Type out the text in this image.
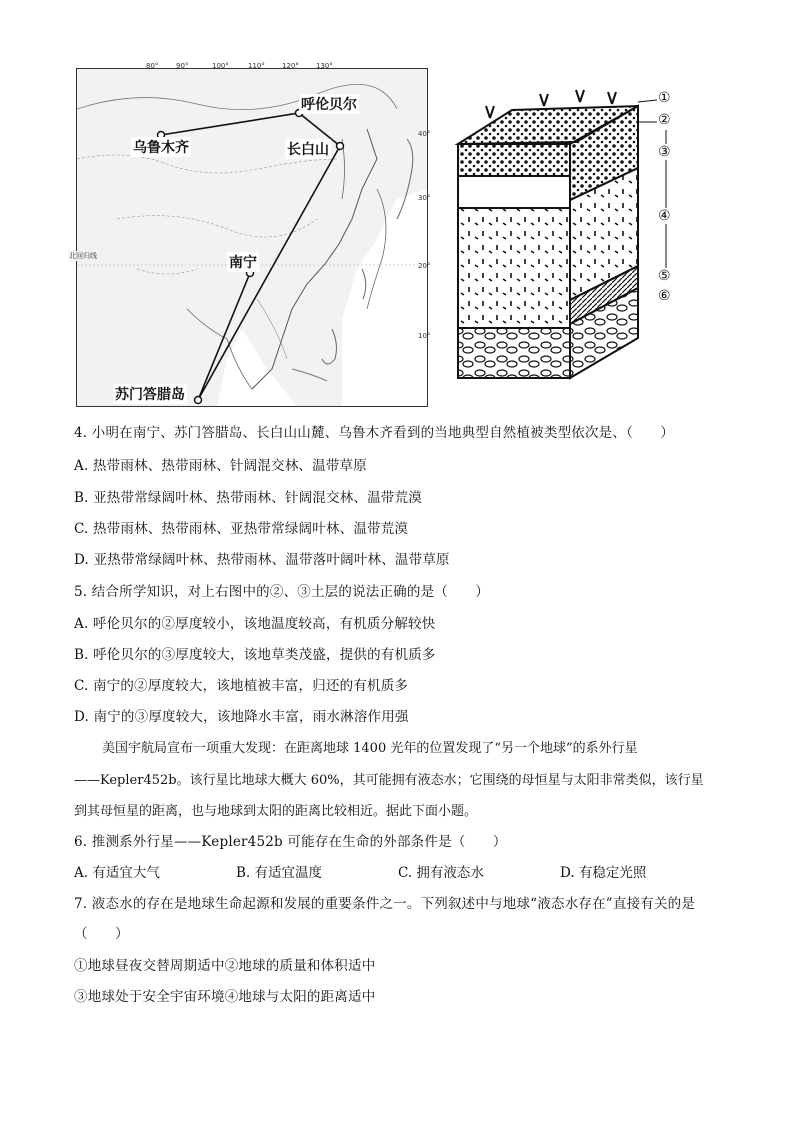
呼伦贝尔
乌鲁木齐	长白山
南宁
苏门答腊岛
北回归线
80°	90°	100°	110° 120° 130°
40°
30°
20°
10°
①
②
③
④
⑤
⑥
4. 小明在南宁、苏门答腊岛、长白山山麓、乌鲁木齐看到的当地典型自然植被类型依次是、（　　）
A. 热带雨林、热带雨林、针阔混交林、温带草原
B. 亚热带常绿阔叶林、热带雨林、针阔混交林、温带荒漠
C. 热带雨林、热带雨林、亚热带常绿阔叶林、温带荒漠
D. 亚热带常绿阔叶林、热带雨林、温带落叶阔叶林、温带草原
5. 结合所学知识，对上右图中的②、③土层的说法正确的是（　　）
A. 呼伦贝尔的②厚度较小，该地温度较高，有机质分解较快
B. 呼伦贝尔的③厚度较大，该地草类茂盛，提供的有机质多
C. 南宁的②厚度较大，该地植被丰富，归还的有机质多
D. 南宁的③厚度较大，该地降水丰富，雨水淋溶作用强
美国宇航局宣布一项重大发现：在距离地球 1400 光年的位置发现了“另一个地球”的系外行星
——Kepler452b。该行星比地球大概大 60%，其可能拥有液态水；它围绕的母恒星与太阳非常类似，该行星
到其母恒星的距离，也与地球到太阳的距离比较相近。据此下面小题。
6. 推测系外行星——Kepler452b 可能存在生命的外部条件是（　　）
A. 有适宜大气	B. 有适宜温度	C. 拥有液态水	D. 有稳定光照
7. 液态水的存在是地球生命起源和发展的重要条件之一。下列叙述中与地球“液态水存在”直接有关的是
（　　）
①地球昼夜交替周期适中②地球的质量和体积适中
③地球处于安全宇宙环境④地球与太阳的距离适中
